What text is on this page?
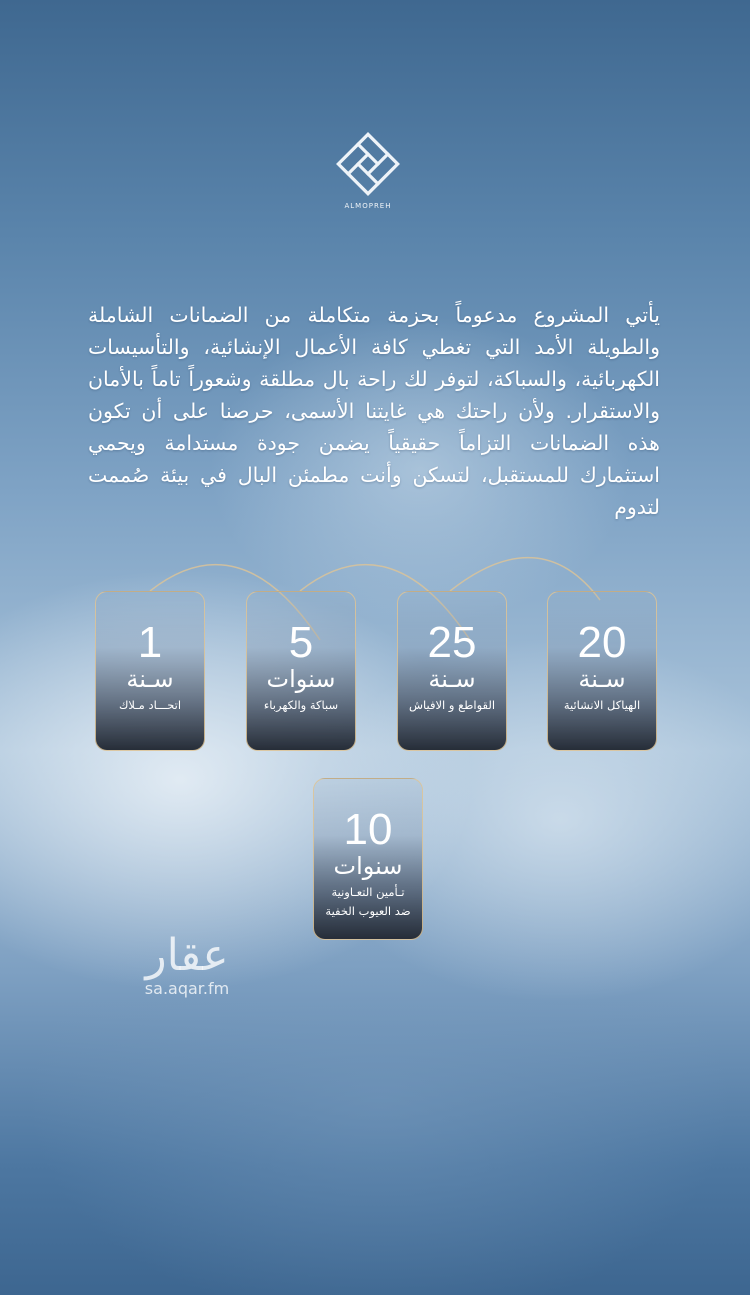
ALMOPREH

يأتي المشروع مدعوماً بحزمة متكاملة من الضمانات الشاملة والطويلة الأمد التي تغطي كافة الأعمال الإنشائية، والتأسيسات الكهربائية، والسباكة، لتوفر لك راحة بال مطلقة وشعوراً تاماً بالأمان والاستقرار. ولأن راحتك هي غايتنا الأسمى، حرصنا على أن تكون هذه الضمانات التزاماً حقيقياً يضمن جودة مستدامة ويحمي استثمارك للمستقبل، لتسكن وأنت مطمئن البال في بيئة صُممت لتدوم

20
سـنة
الهياكل الانشائية
25
سـنة
القواطع و الافياش
5
سنوات
سباكة والكهرباء
1
سـنة
اتحـــاد مـلاك
10
سنوات
تـأمين التعـاونية
ضد العيوب الخفية
عقار
sa.aqar.fm
